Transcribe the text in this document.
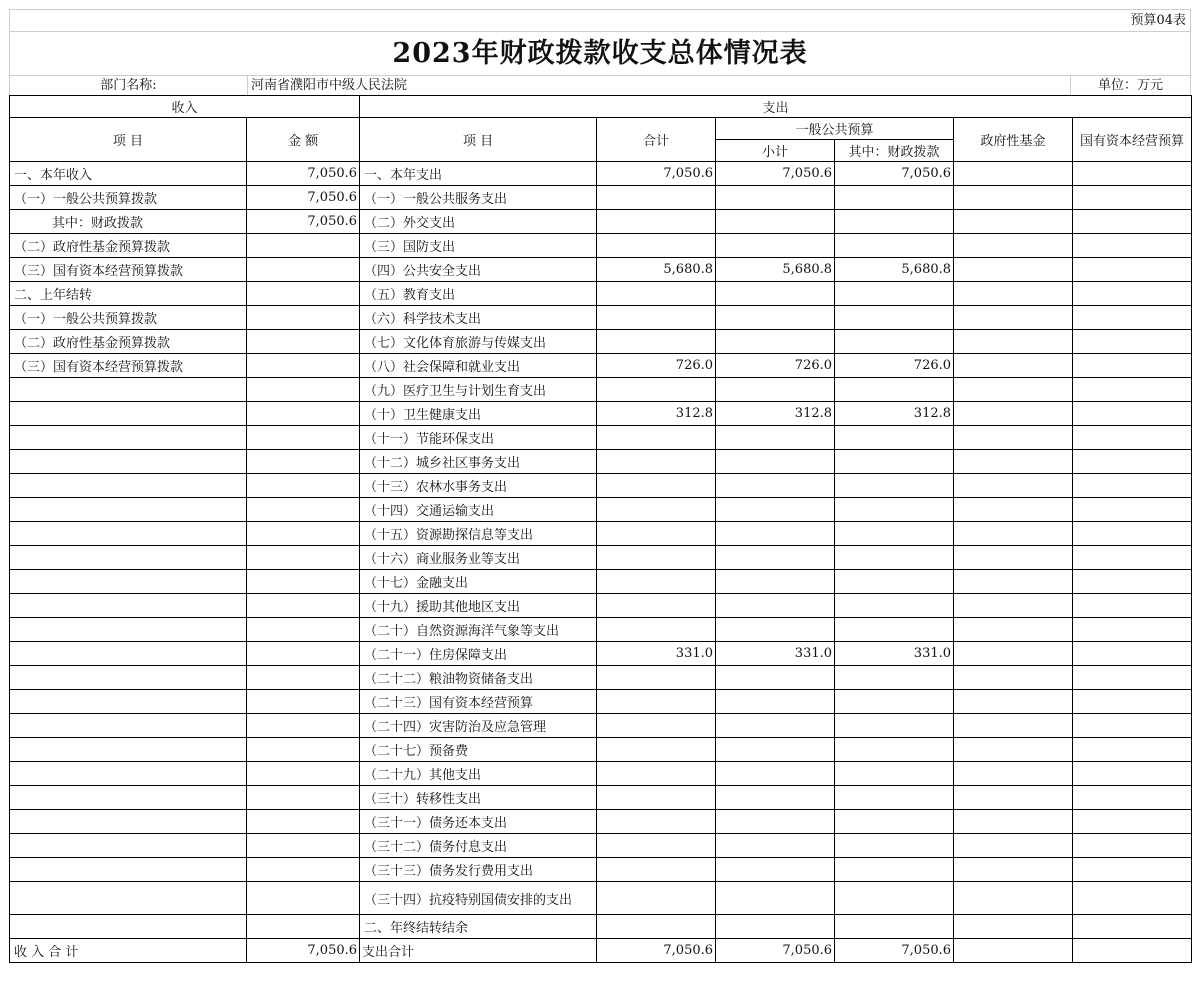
预算04表
2023年财政拨款收支总体情况表
部门名称:	河南省濮阳市中级人民法院	单位：万元
收入		支出					
项 目	金 额	项 目	合计	一般公共预算		政府性基金	国有资本经营预算
				小计	其中：财政拨款		
一、本年收入	7,050.6	一、本年支出	7,050.6	7,050.6	7,050.6		
（一）一般公共预算拨款	7,050.6	（一）一般公共服务支出					
其中：财政拨款	7,050.6	（二）外交支出					
（二）政府性基金预算拨款		（三）国防支出					
（三）国有资本经营预算拨款		（四）公共安全支出	5,680.8	5,680.8	5,680.8		
二、上年结转		（五）教育支出					
（一）一般公共预算拨款		（六）科学技术支出					
（二）政府性基金预算拨款		（七）文化体育旅游与传媒支出					
（三）国有资本经营预算拨款		（八）社会保障和就业支出	726.0	726.0	726.0		
		（九）医疗卫生与计划生育支出					
		（十）卫生健康支出	312.8	312.8	312.8		
		（十一）节能环保支出					
		（十二）城乡社区事务支出					
		（十三）农林水事务支出					
		（十四）交通运输支出					
		（十五）资源勘探信息等支出					
		（十六）商业服务业等支出					
		（十七）金融支出					
		（十九）援助其他地区支出					
		（二十）自然资源海洋气象等支出					
		（二十一）住房保障支出	331.0	331.0	331.0		
		（二十二）粮油物资储备支出					
		（二十三）国有资本经营预算					
		（二十四）灾害防治及应急管理					
		（二十七）预备费					
		（二十九）其他支出					
		（三十）转移性支出					
		（三十一）债务还本支出					
		（三十二）债务付息支出					
		（三十三）债务发行费用支出					
		（三十四）抗疫特别国债安排的支出					
		二、年终结转结余					
收 入 合 计	7,050.6	支出合计	7,050.6	7,050.6	7,050.6		
